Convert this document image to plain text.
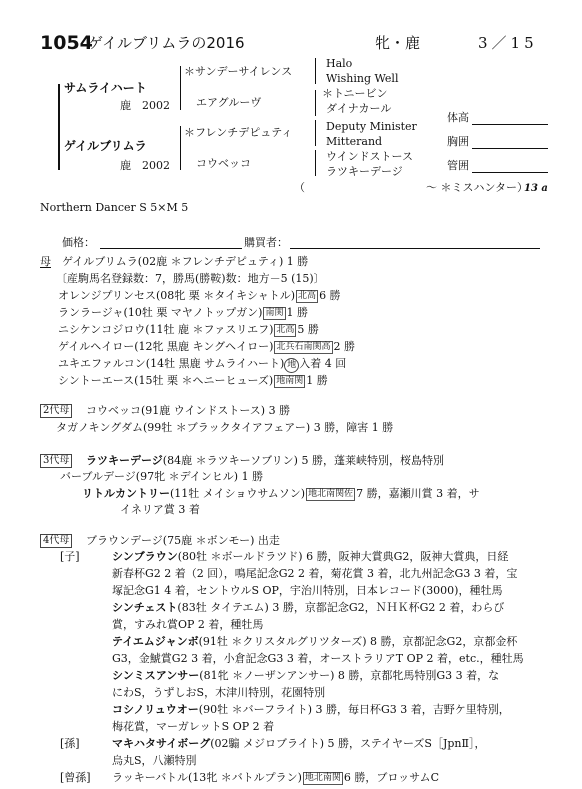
1054
ゲイルブリムラの2016	牝・鹿	3／15
サムライハート
鹿　2002
ゲイルブリムラ
鹿　2002
＊サンデーサイレンス
エアグルーヴ
＊フレンチデピュティ
コウベッコ
Halo
Wishing Well
＊トニービン
ダイナカール
Deputy Minister
Mitterand
ウインドストース
ラツキーデージ
（　　　　　　　　　　　〜 ＊ミスハンター）
13 a
体高
胸囲
管囲
Northern Dancer S 5×M 5
価格：	購買者：
母 ゲイルブリムラ(02鹿 ＊フレンチデピュティ) 1 勝
〔産駒馬名登録数：7，勝馬(勝鞍)数：地方－5 (15)〕
オレンジプリンセス(08牝 栗 ＊タイキシャトル) 北高 6 勝
ランラージャ(10牡 栗 マヤノトップガン) 南関 1 勝
ニシケンコジロウ(11牡 鹿 ＊ファスリエフ) 北高 5 勝
ゲイルヘイロー(12牝 黒鹿 キングヘイロー) 北兵石南関高 2 勝
ユキエファルコン(14牡 黒鹿 サムライハート) 地 入着 4 回
シントーエース(15牡 栗 ＊ヘニーヒューズ) 地南関 1 勝
2代母 コウベッコ(91鹿 ウインドストース) 3 勝
タガノキングダム(99牡 ＊ブラックタイアフェアー) 3 勝，障害 1 勝
3代母 ラツキーデージ(84鹿 ＊ラツキーソブリン) 5 勝，蓬莱峡特別，桜島特別
バーブルデージ(97牝 ＊デインヒル) 1 勝
リトルカントリー(11牡 メイショウサムソン) 地北南関佐 7 勝，嘉瀬川賞 3 着，サ
イネリア賞 3 着
4代母 ブラウンデージ(75鹿 ＊ボンモー) 出走
[子]	シンブラウン(80牡 ＊ボールドラツド) 6 勝，阪神大賞典G2，阪神大賞典，日経
新春杯G2 2 着（2 回），鳴尾記念G2 2 着，菊花賞 3 着，北九州記念G3 3 着，宝
塚記念G1 4 着，セントウルS OP，宇治川特別，日本レコード(3000)，種牡馬
シンチェスト(83牡 タイテエム) 3 勝，京都記念G2，ＮＨＫ杯G2 2 着，わらび
賞，すみれ賞OP 2 着，種牡馬
テイエムジャンボ(91牡 ＊クリスタルグリツターズ) 8 勝，京都記念G2，京都金杯
G3，金鯱賞G2 3 着，小倉記念G3 3 着，オーストラリアT OP 2 着，etc.，種牡馬
シンミスアンサー(81牝 ＊ノーザンアンサー) 8 勝，京都牝馬特別G3 3 着，な
にわS，うずしおS，木津川特別，花園特別
コシノリュウオー(90牡 ＊バーフライト) 3 勝，毎日杯G3 3 着，吉野ケ里特別，
梅花賞，マーガレットS OP 2 着
[孫]	マキハタサイボーグ(02騸 メジロブライト) 5 勝，ステイヤーズS［JpnⅡ］，
烏丸S，八瀬特別
[曾孫] ラッキーバトル(13牝 ＊バトルプラン) 地北南関 6 勝，ブロッサムC
